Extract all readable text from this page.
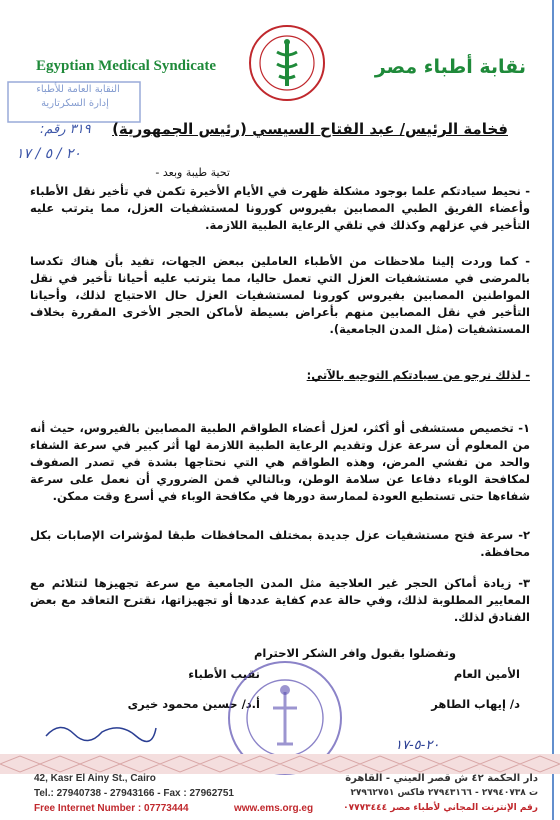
Egyptian Medical Syndicate	نقابة أطباء مصر
النقابة العامة للأطباء
إدارة السكرتارية
٣١٩ رقم:
٢٠ / ٥ / ١٧
فخامة الرئيس/ عبد الفتاح السيسي (رئيس الجمهورية)
تحية طيبة وبعد -
- نحيط سيادتكم علما بوجود مشكلة ظهرت في الأيام الأخيرة تكمن في تأخير نقل الأطباء وأعضاء الفريق الطبي المصابين بفيروس كورونا لمستشفيات العزل، مما يترتب عليه التأخير في عزلهم وكذلك في تلقي الرعاية الطبية اللازمة.
- كما وردت إلينا ملاحظات من الأطباء العاملين ببعض الجهات، تفيد بأن هناك تكدسا بالمرضى في مستشفيات العزل التي تعمل حاليا، مما يترتب عليه أحيانا تأخير في نقل المواطنين المصابين بفيروس كورونا لمستشفيات العزل حال الاحتياج لذلك، وأحيانا التأخير في نقل المصابين منهم بأعراض بسيطة لأماكن الحجر الأخرى المقررة بخلاف المستشفيات (مثل المدن الجامعية).
- لذلك نرجو من سيادتكم التوجيه بالآتي:
١- تخصيص مستشفى أو أكثر، لعزل أعضاء الطواقم الطبية المصابين بالفيروس، حيث أنه من المعلوم أن سرعة عزل وتقديم الرعاية الطبية اللازمة لها أثر كبير في سرعة الشفاء والحد من تفشي المرض، وهذه الطواقم هي التي نحتاجها بشدة في تصدر الصفوف لمكافحة الوباء دفاعا عن سلامة الوطن، وبالتالي فمن الضروري أن نعمل على سرعة شفاءها حتى تستطيع العودة لممارسة دورها في مكافحة الوباء في أسرع وقت ممكن.
٢- سرعة فتح مستشفيات عزل جديدة بمختلف المحافظات طبقا لمؤشرات الإصابات بكل محافظة.
٣- زيادة أماكن الحجر غير العلاجية مثل المدن الجامعية مع سرعة تجهيزها لتتلائم مع المعايير المطلوبة لذلك، وفي حالة عدم كفاية عددها أو تجهيزاتها، نقترح التعاقد مع بعض الفنادق لذلك.
وتفضلوا بقبول وافر الشكر الاحترام
الأمين العام
نقيب الأطباء
د/ إيهاب الطاهر
أ.د/ حسين محمود خيرى
٢٠-٥-١٧
42, Kasr El Ainy St., Cairo
Tel.: 27940738 - 27943166 - Fax : 27962751
Free Internet Number : 07773444	www.ems.org.eg
دار الحكمة ٤٢ ش قصر العيني - القاهرة
ت ٢٧٩٤٠٧٣٨ - ٢٧٩٤٣١٦٦ فاكس ٢٧٩٦٢٧٥١
رقم الإنترنت المجاني لأطباء مصر ٠٧٧٧٣٤٤٤
